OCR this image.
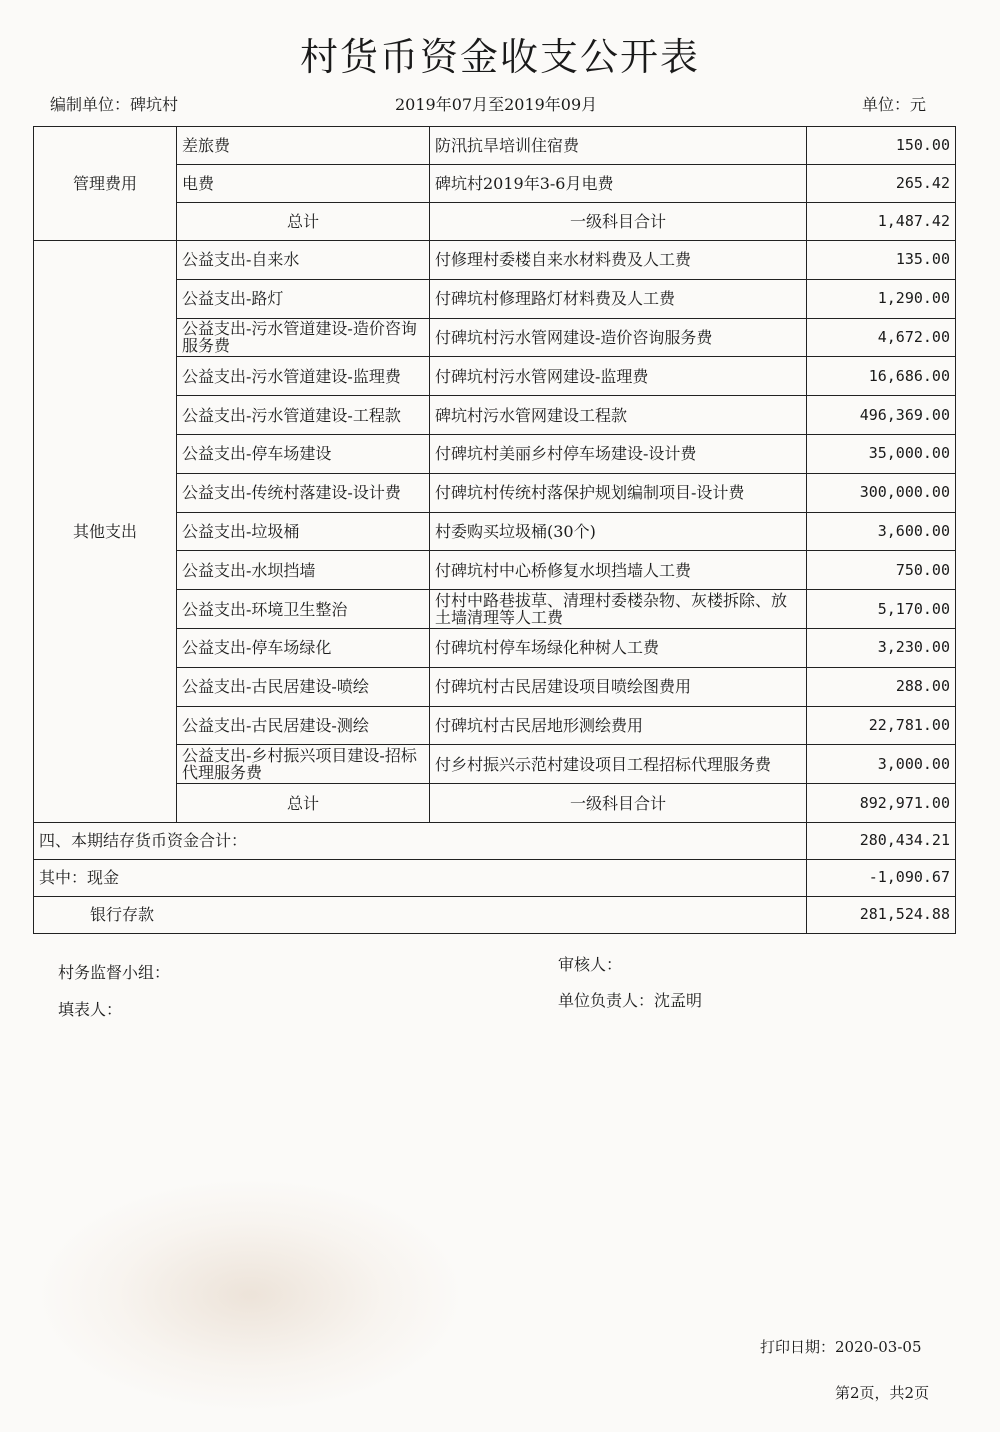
村货币资金收支公开表
编制单位：碑坑村	2019年07月至2019年09月	单位：元
管理费用	差旅费	防汛抗旱培训住宿费	150.00
	电费	碑坑村2019年3-6月电费	265.42
	总计	一级科目合计	1,487.42
其他支出	公益支出-自来水	付修理村委楼自来水材料费及人工费	135.00
	公益支出-路灯	付碑坑村修理路灯材料费及人工费	1,290.00
	公益支出-污水管道建设-造价咨询服务费	付碑坑村污水管网建设-造价咨询服务费	4,672.00
	公益支出-污水管道建设-监理费	付碑坑村污水管网建设-监理费	16,686.00
	公益支出-污水管道建设-工程款	碑坑村污水管网建设工程款	496,369.00
	公益支出-停车场建设	付碑坑村美丽乡村停车场建设-设计费	35,000.00
	公益支出-传统村落建设-设计费	付碑坑村传统村落保护规划编制项目-设计费	300,000.00
	公益支出-垃圾桶	村委购买垃圾桶(30个)	3,600.00
	公益支出-水坝挡墙	付碑坑村中心桥修复水坝挡墙人工费	750.00
	公益支出-环境卫生整治	付村中路巷拔草、清理村委楼杂物、灰楼拆除、放土墙清理等人工费	5,170.00
	公益支出-停车场绿化	付碑坑村停车场绿化种树人工费	3,230.00
	公益支出-古民居建设-喷绘	付碑坑村古民居建设项目喷绘图费用	288.00
	公益支出-古民居建设-测绘	付碑坑村古民居地形测绘费用	22,781.00
	公益支出-乡村振兴项目建设-招标代理服务费	付乡村振兴示范村建设项目工程招标代理服务费	3,000.00
	总计	一级科目合计	892,971.00
四、本期结存货币资金合计：			280,434.21
其中：现金			-1,090.67
银行存款			281,524.88
村务监督小组：	审核人：
填表人：	单位负责人：沈孟明
打印日期：2020-03-05
第2页，共2页
